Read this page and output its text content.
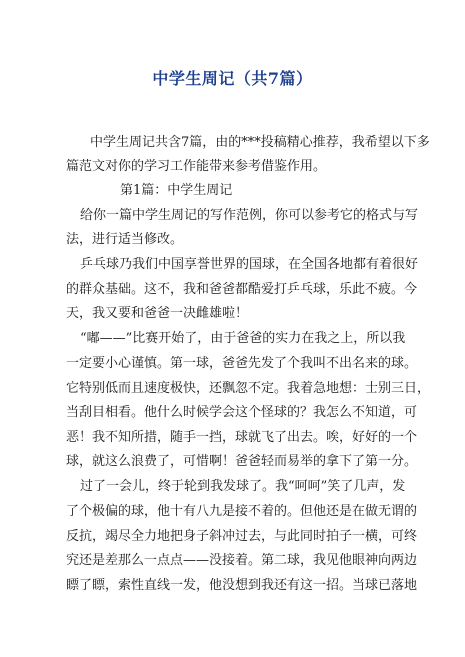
中学生周记（共7篇）
中学生周记共含7篇，由的***投稿精心推荐，我希望以下多
篇范文对你的学习工作能带来参考借鉴作用。
第1篇：中学生周记
给你一篇中学生周记的写作范例，你可以参考它的格式与写
法，进行适当修改。
乒乓球乃我们中国享誉世界的国球，在全国各地都有着很好
的群众基础。这不，我和爸爸都酷爱打乒乓球，乐此不疲。今
天，我又要和爸爸一决雌雄啦！
“嘟——”比赛开始了，由于爸爸的实力在我之上，所以我
一定要小心谨慎。第一球，爸爸先发了个我叫不出名来的球。
它特别低而且速度极快，还飘忽不定。我着急地想：士别三日，
当刮目相看。他什么时候学会这个怪球的？我怎么不知道，可
恶！我不知所措，随手一挡，球就飞了出去。唉，好好的一个
球，就这么浪费了，可惜啊！爸爸轻而易举的拿下了第一分。
过了一会儿，终于轮到我发球了。我“呵呵”笑了几声，发
了个极偏的球，他十有八九是接不着的。但他还是在做无谓的
反抗，竭尽全力地把身子斜冲过去，与此同时拍子一横，可终
究还是差那么一点点——没接着。第二球，我见他眼神向两边
瞟了瞟，索性直线一发，他没想到我还有这一招。当球已落地
